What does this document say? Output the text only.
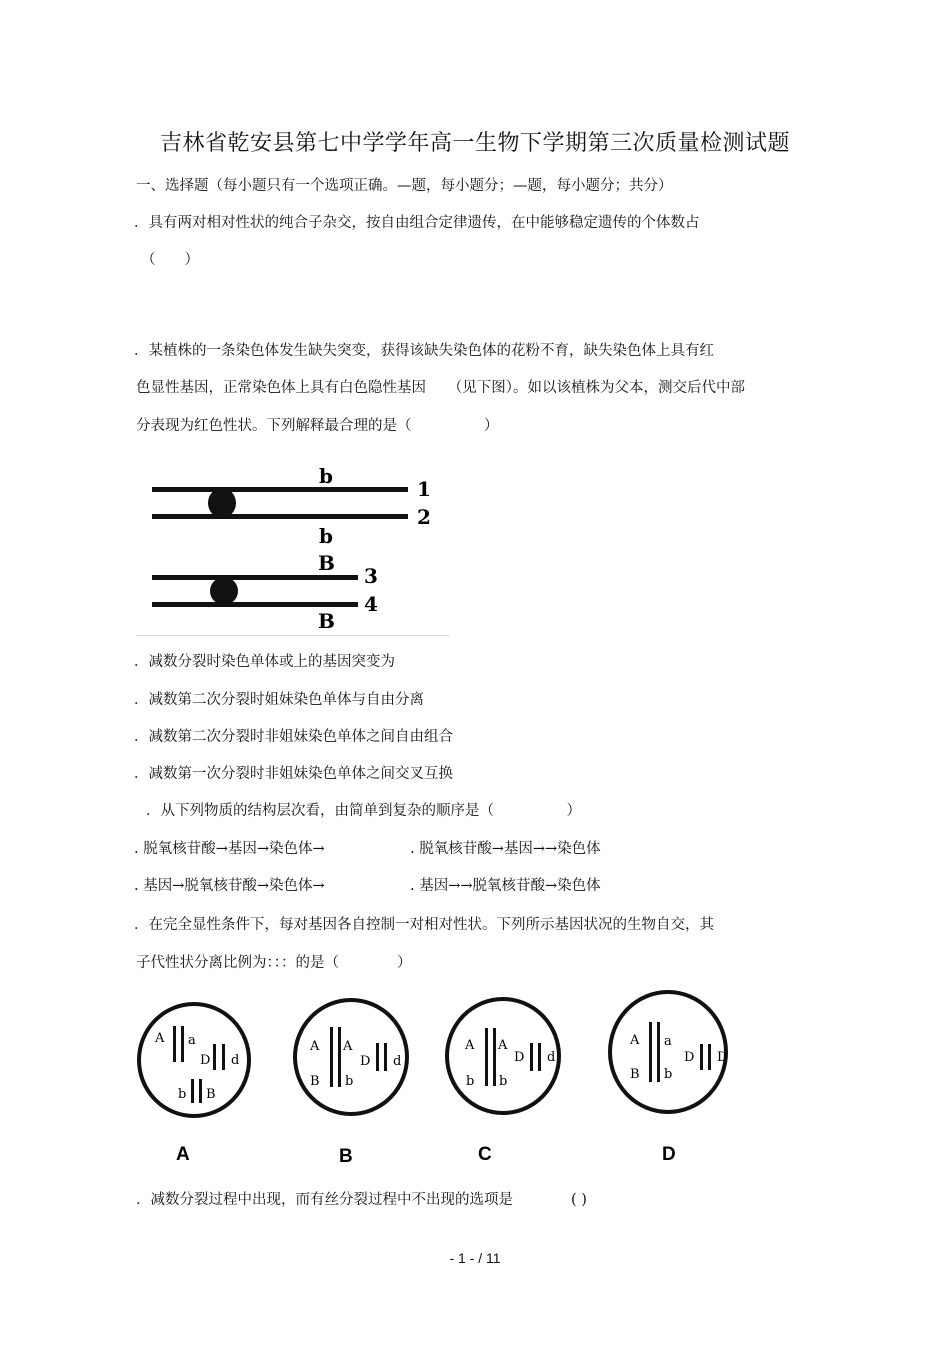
吉林省乾安县第七中学学年高一生物下学期第三次质量检测试题
一、选择题（每小题只有一个选项正确。—题，每小题分；—题，每小题分；共分）
．具有两对相对性状的纯合子杂交，按自由组合定律遗传，在中能够稳定遗传的个体数占
（　　）
．某植株的一条染色体发生缺失突变，获得该缺失染色体的花粉不育，缺失染色体上具有红
色显性基因，正常染色体上具有白色隐性基因　　（见下图）。如以该植株为父本，测交后代中部
分表现为红色性状。下列解释最合理的是（　　　　　）
b
b
B
B
1
2
3
4
．减数分裂时染色单体或上的基因突变为
．减数第二次分裂时姐妹染色单体与自由分离
．减数第二次分裂时非姐妹染色单体之间自由组合
．减数第一次分裂时非姐妹染色单体之间交叉互换
．从下列物质的结构层次看，由简单到复杂的顺序是（　　　　　）
. 脱氧核苷酸→基因→染色体→	. 脱氧核苷酸→基因→→染色体
. 基因→脱氧核苷酸→染色体→	. 基因→→脱氧核苷酸→染色体
．在完全显性条件下，每对基因各自控制一对相对性状。下列所示基因状况的生物自交，其
子代性状分离比例为：：：的是（　　　　）
A a
D d
b B
A
A A
B b
D d
B
A A
b b
D d
C
A a
B b
D D
D
．减数分裂过程中出现，而有丝分裂过程中不出现的选项是	( )
- 1 - / 11
